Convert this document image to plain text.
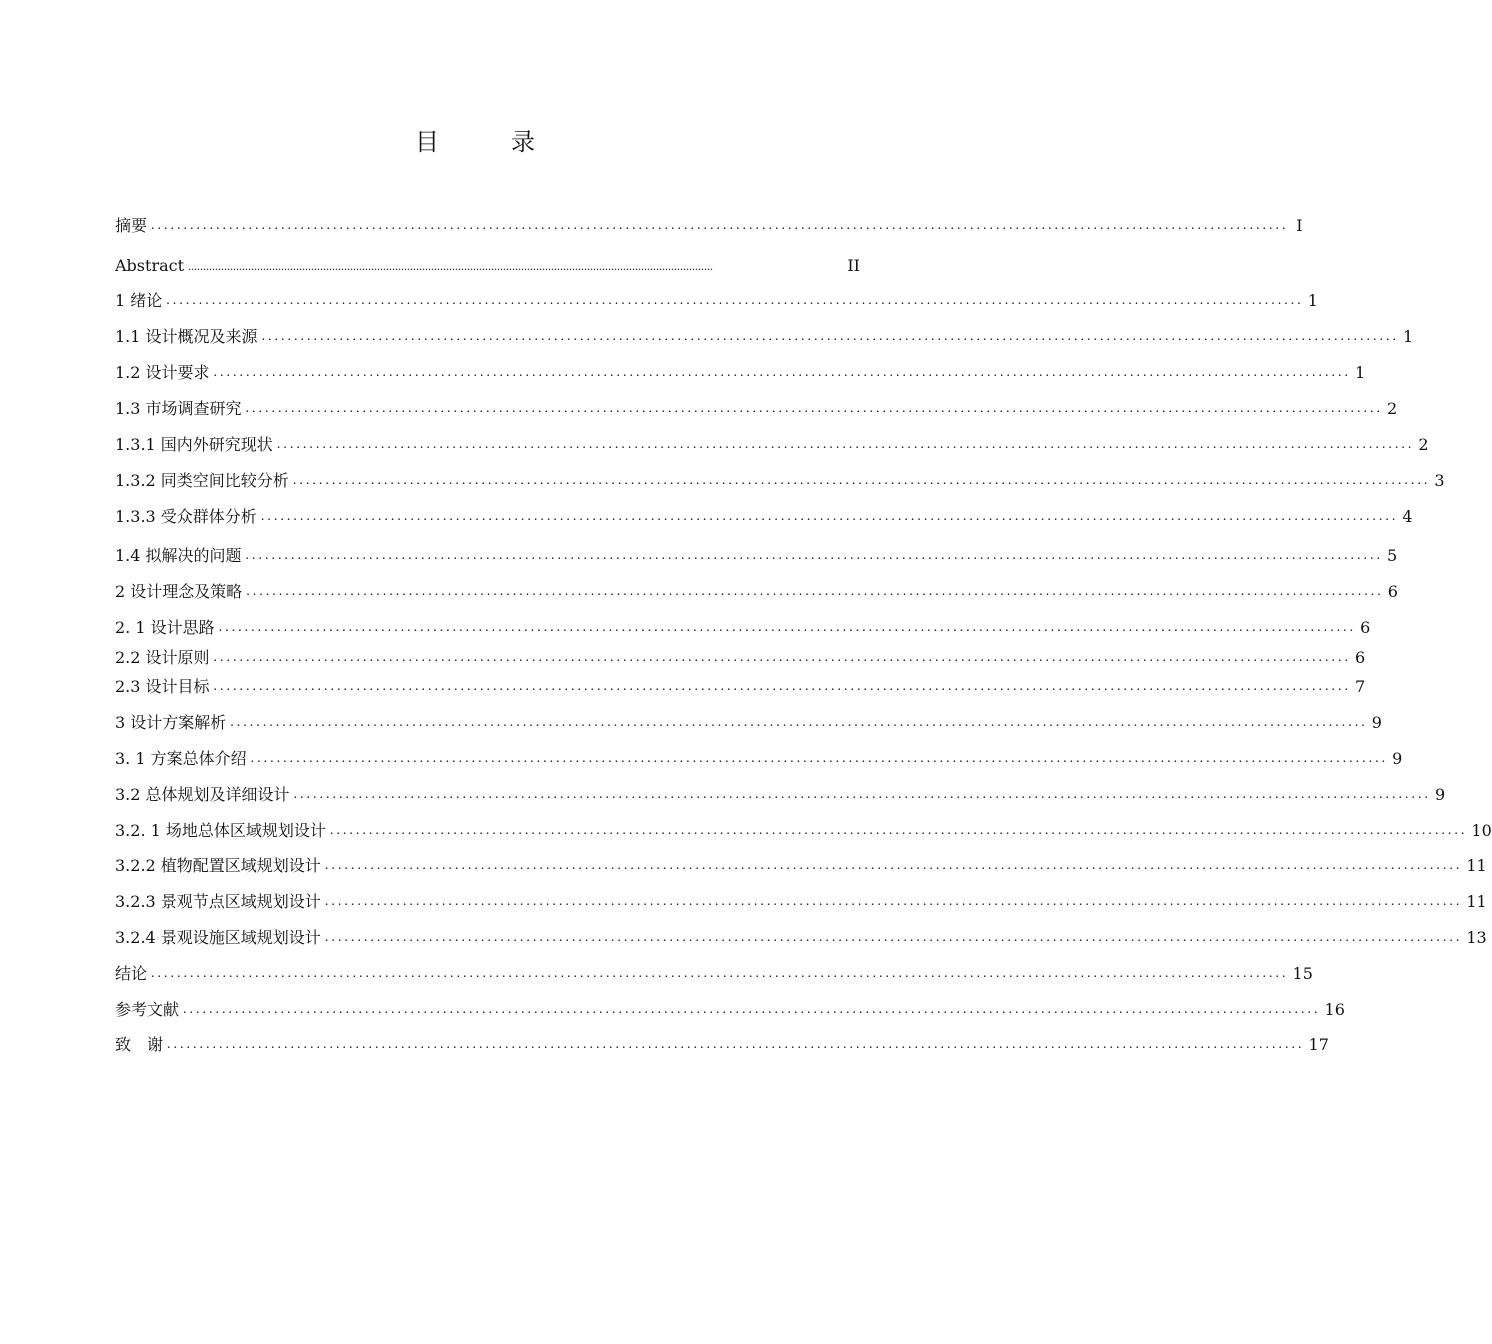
目　录
摘要 ............................................................................................................................................................................... I
Abstract ...............................................................................................................................................................................	II
1 绪论 ............................................................................................................................................................................... 1
1.1 设计概况及来源 ............................................................................................................................................................................... 1
1.2 设计要求 ............................................................................................................................................................................... 1
1.3 市场调查研究 ............................................................................................................................................................................... 2
1.3.1 国内外研究现状 ............................................................................................................................................................................... 2
1.3.2 同类空间比较分析 ............................................................................................................................................................................... 3
1.3.3 受众群体分析 ............................................................................................................................................................................... 4
1.4 拟解决的问题 ............................................................................................................................................................................... 5
2 设计理念及策略 ............................................................................................................................................................................... 6
2. 1 设计思路 ............................................................................................................................................................................... 6
2.2 设计原则 ............................................................................................................................................................................... 6
2.3 设计目标 ............................................................................................................................................................................... 7
3 设计方案解析 ............................................................................................................................................................................... 9
3. 1 方案总体介绍 ............................................................................................................................................................................... 9
3.2 总体规划及详细设计 ............................................................................................................................................................................... 9
3.2. 1 场地总体区域规划设计 ............................................................................................................................................................................... 10
3.2.2 植物配置区域规划设计 ............................................................................................................................................................................... 11
3.2.3 景观节点区域规划设计 ............................................................................................................................................................................... 11
3.2.4 景观设施区域规划设计 ............................................................................................................................................................................... 13
结论 ............................................................................................................................................................................... 15
参考文献 ............................................................................................................................................................................... 16
致　谢 ............................................................................................................................................................................... 17
